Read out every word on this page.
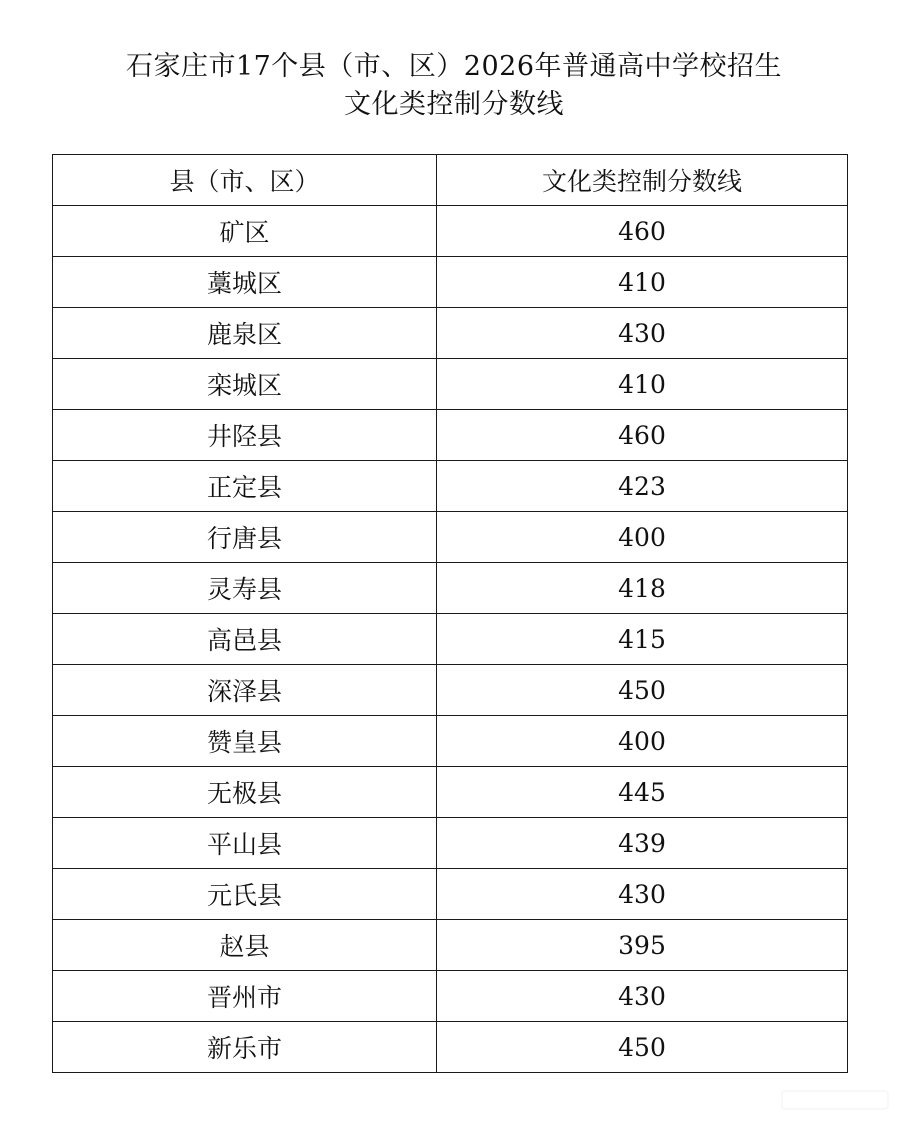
石家庄市17个县（市、区）2026年普通高中学校招生
文化类控制分数线
县（市、区）	文化类控制分数线
矿区	460
藁城区	410
鹿泉区	430
栾城区	410
井陉县	460
正定县	423
行唐县	400
灵寿县	418
高邑县	415
深泽县	450
赞皇县	400
无极县	445
平山县	439
元氏县	430
赵县	395
晋州市	430
新乐市	450
